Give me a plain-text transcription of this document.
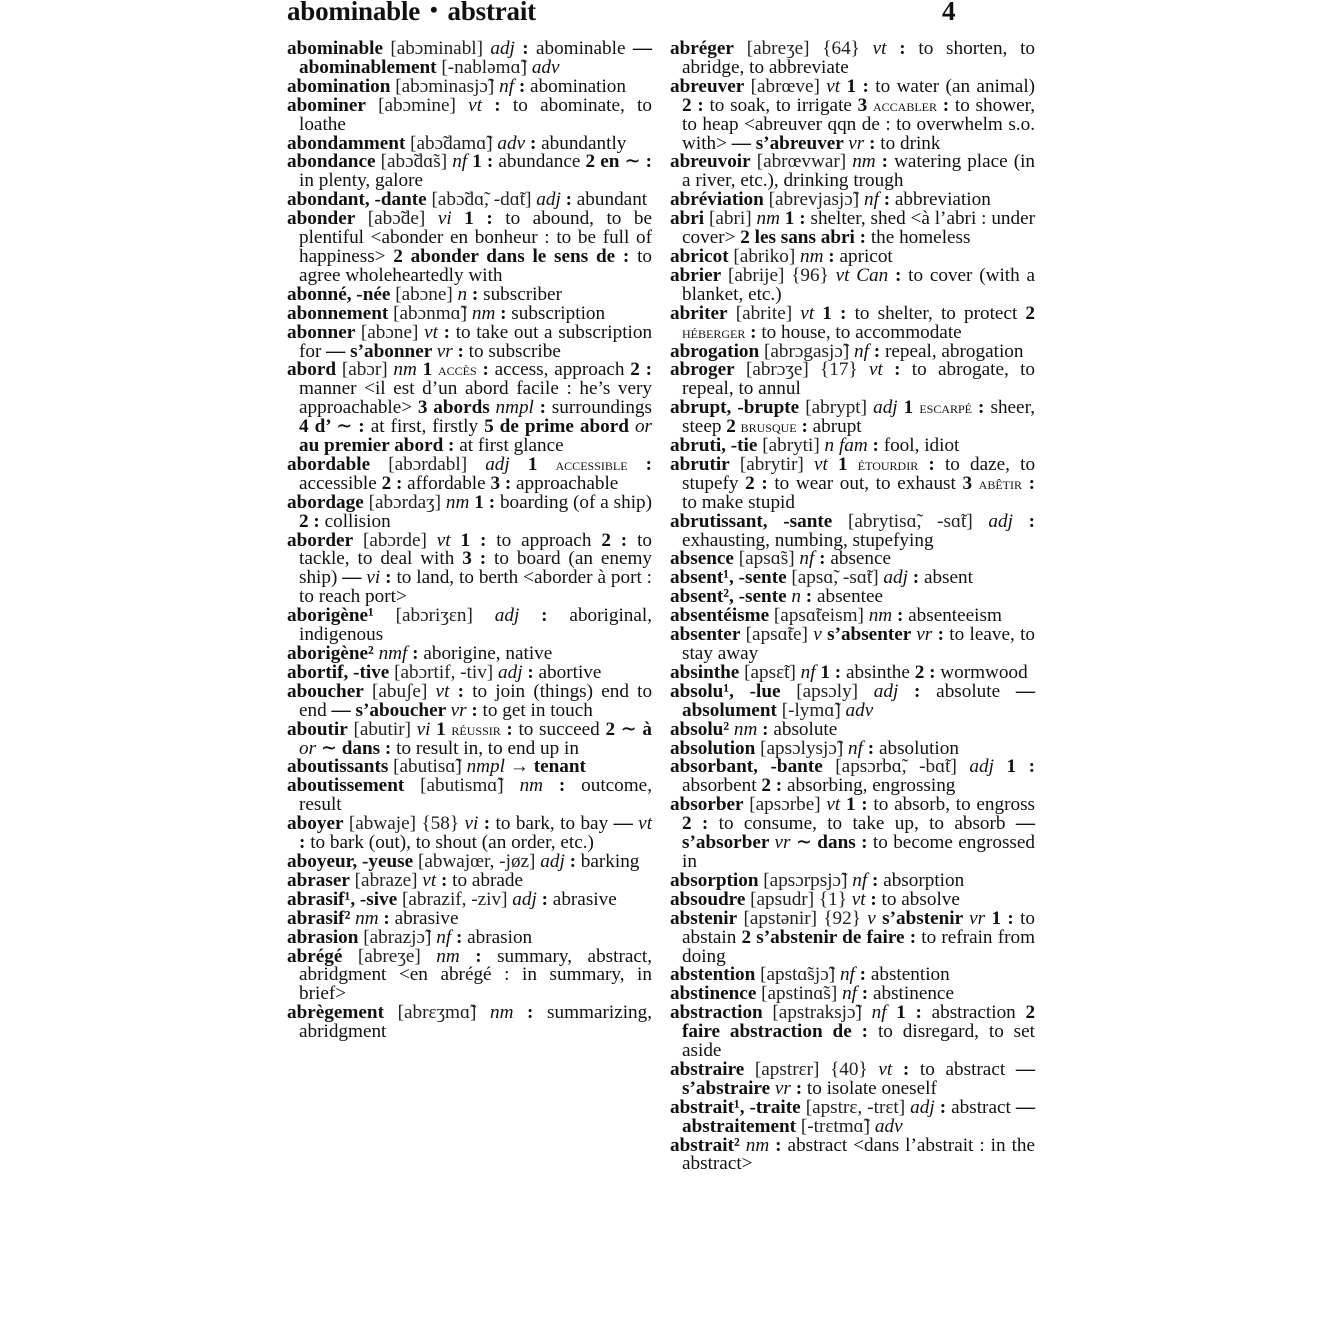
abominable • abstrait	4

abominable [abɔminabl] adj : abominable — abominablement [-nabləmɑ̃] adv

abomination [abɔminasjɔ̃] nf : abomination

abominer [abɔmine] vt : to abominate, to loathe

abondamment [abɔ̃damɑ̃] adv : abundantly

abondance [abɔ̃dɑ̃s] nf 1 : abundance 2 en ∼ : in plenty, galore

abondant, -dante [abɔ̃dɑ̃, -dɑ̃t] adj : abundant

abonder [abɔ̃de] vi 1 : to abound, to be plentiful <abonder en bonheur : to be full of happiness> 2 abonder dans le sens de : to agree wholeheartedly with

abonné, -née [abɔne] n : subscriber

abonnement [abɔnmɑ̃] nm : subscription

abonner [abɔne] vt : to take out a subscription for — s’abonner vr : to subscribe

abord [abɔr] nm 1 accès : access, approach 2 : manner <il est d’un abord facile : he’s very approachable> 3 abords nmpl : surroundings 4 d’ ∼ : at first, firstly 5 de prime abord or au premier abord : at first glance

abordable [abɔrdabl] adj 1 accessible : accessible 2 : affordable 3 : approachable

abordage [abɔrdaʒ] nm 1 : boarding (of a ship) 2 : collision

aborder [abɔrde] vt 1 : to approach 2 : to tackle, to deal with 3 : to board (an enemy ship) — vi : to land, to berth <aborder à port : to reach port>

aborigène¹ [abɔriʒɛn] adj : aboriginal, indigenous

aborigène² nmf : aborigine, native

abortif, -tive [abɔrtif, -tiv] adj : abortive

aboucher [abuʃe] vt : to join (things) end to end — s’aboucher vr : to get in touch

aboutir [abutir] vi 1 réussir : to succeed 2 ∼ à or ∼ dans : to result in, to end up in

aboutissants [abutisɑ̃] nmpl → tenant

aboutissement [abutismɑ̃] nm : outcome, result

aboyer [abwaje] {58} vi : to bark, to bay — vt : to bark (out), to shout (an order, etc.)

aboyeur, -yeuse [abwajœr, -jøz] adj : barking

abraser [abraze] vt : to abrade

abrasif¹, -sive [abrazif, -ziv] adj : abrasive

abrasif² nm : abrasive

abrasion [abrazjɔ̃] nf : abrasion

abrégé [abreʒe] nm : summary, abstract, abridgment <en abrégé : in summary, in brief>

abrègement [abrɛʒmɑ̃] nm : summarizing, abridgment

abréger [abreʒe] {64} vt : to shorten, to abridge, to abbreviate

abreuver [abrœve] vt 1 : to water (an animal) 2 : to soak, to irrigate 3 accabler : to shower, to heap <abreuver qqn de : to overwhelm s.o. with> — s’abreuver vr : to drink

abreuvoir [abrœvwar] nm : watering place (in a river, etc.), drinking trough

abréviation [abrevjasjɔ̃] nf : abbreviation

abri [abri] nm 1 : shelter, shed <à l’abri : under cover> 2 les sans abri : the homeless

abricot [abriko] nm : apricot

abrier [abrije] {96} vt Can : to cover (with a blanket, etc.)

abriter [abrite] vt 1 : to shelter, to protect 2 héberger : to house, to accommodate

abrogation [abrɔgasjɔ̃] nf : repeal, abrogation

abroger [abrɔʒe] {17} vt : to abrogate, to repeal, to annul

abrupt, -brupte [abrypt] adj 1 escarpé : sheer, steep 2 brusque : abrupt

abruti, -tie [abryti] n fam : fool, idiot

abrutir [abrytir] vt 1 étourdir : to daze, to stupefy 2 : to wear out, to exhaust 3 abêtir : to make stupid

abrutissant, -sante [abrytisɑ̃, -sɑ̃t] adj : exhausting, numbing, stupefying

absence [apsɑ̃s] nf : absence

absent¹, -sente [apsɑ̃, -sɑ̃t] adj : absent

absent², -sente n : absentee

absentéisme [apsɑ̃teism] nm : absenteeism

absenter [apsɑ̃te] v s’absenter vr : to leave, to stay away

absinthe [apsɛ̃t] nf 1 : absinthe 2 : wormwood

absolu¹, -lue [apsɔly] adj : absolute — absolument [-lymɑ̃] adv

absolu² nm : absolute

absolution [apsɔlysjɔ̃] nf : absolution

absorbant, -bante [apsɔrbɑ̃, -bɑ̃t] adj 1 : absorbent 2 : absorbing, engrossing

absorber [apsɔrbe] vt 1 : to absorb, to engross 2 : to consume, to take up, to absorb — s’absorber vr ∼ dans : to become engrossed in

absorption [apsɔrpsjɔ̃] nf : absorption

absoudre [apsudr] {1} vt : to absolve

abstenir [apstənir] {92} v s’abstenir vr 1 : to abstain 2 s’abstenir de faire : to refrain from doing

abstention [apstɑ̃sjɔ̃] nf : abstention

abstinence [apstinɑ̃s] nf : abstinence

abstraction [apstraksjɔ̃] nf 1 : abstraction 2 faire abstraction de : to disregard, to set aside

abstraire [apstrɛr] {40} vt : to abstract — s’abstraire vr : to isolate oneself

abstrait¹, -traite [apstrɛ, -trɛt] adj : abstract — abstraitement [-trɛtmɑ̃] adv

abstrait² nm : abstract <dans l’abstrait : in the abstract>
